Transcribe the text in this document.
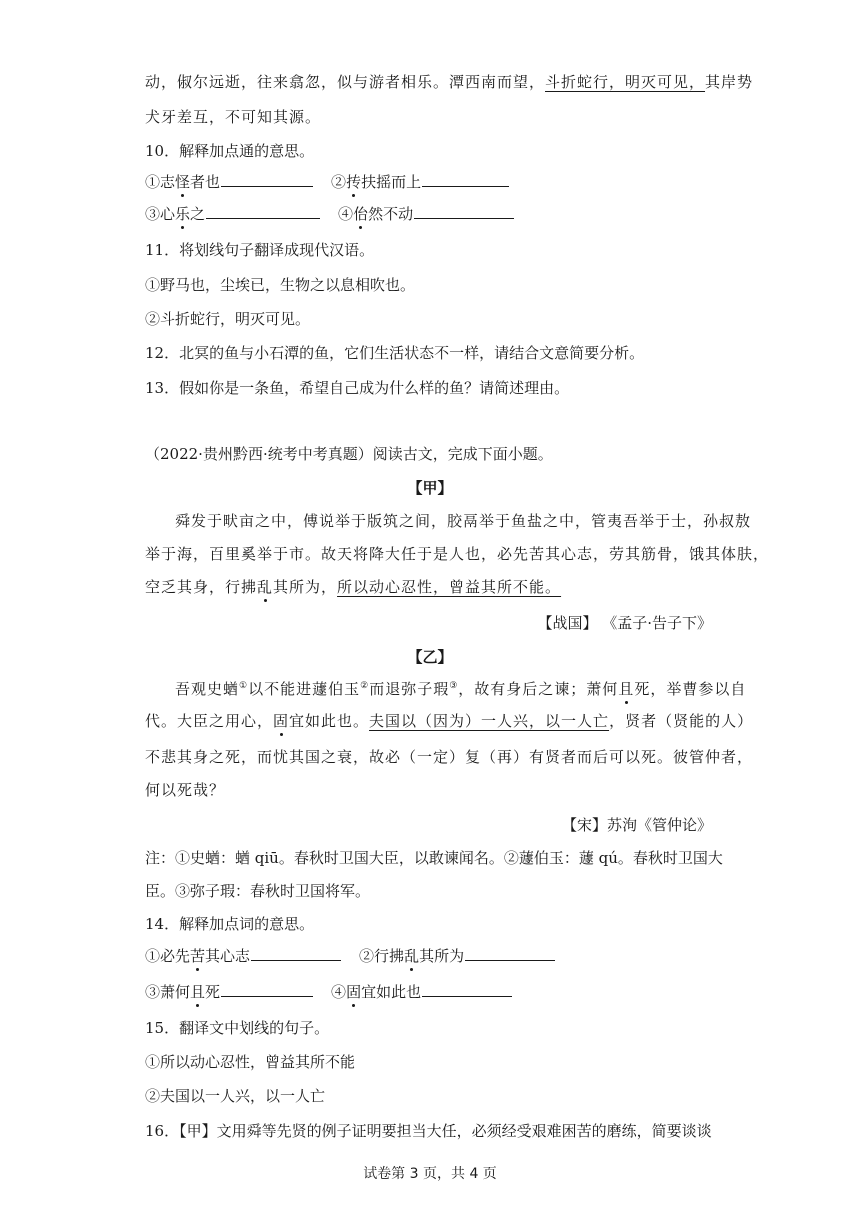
动，俶尔远逝，往来翕忽，似与游者相乐。潭西南而望，斗折蛇行，明灭可见，其岸势
犬牙差互，不可知其源。
10．解释加点通的意思。
①志怪者也	②抟扶摇而上
③心乐之	④佁然不动
11．将划线句子翻译成现代汉语。
①野马也，尘埃已，生物之以息相吹也。
②斗折蛇行，明灭可见。
12．北冥的鱼与小石潭的鱼，它们生活状态不一样，请结合文意简要分析。
13．假如你是一条鱼，希望自己成为什么样的鱼？请简述理由。
（2022·贵州黔西·统考中考真题）阅读古文，完成下面小题。
【甲】
舜发于畎亩之中，傅说举于版筑之间，胶鬲举于鱼盐之中，管夷吾举于士，孙叔敖
举于海，百里奚举于市。故天将降大任于是人也，必先苦其心志，劳其筋骨，饿其体肤，
空乏其身，行拂乱其所为，所以动心忍性，曾益其所不能。
【战国】 《孟子·告子下》
【乙】
吾观史蝤①以不能进蘧伯玉②而退弥子瑕③，故有身后之谏；萧何且死，举曹参以自
代。大臣之用心，固宜如此也。夫国以（因为）一人兴，以一人亡，贤者（贤能的人）
不悲其身之死，而忧其国之衰，故必（一定）复（再）有贤者而后可以死。彼管仲者，
何以死哉？
【宋】苏洵《管仲论》
注：①史蝤：蝤 qiū。春秋时卫国大臣，以敢谏闻名。②蘧伯玉：蘧 qú。春秋时卫国大
臣。③弥子瑕：春秋时卫国将军。
14．解释加点词的意思。
①必先苦其心志	②行拂乱其所为
③萧何且死	④固宜如此也
15．翻译文中划线的句子。
①所以动心忍性，曾益其所不能
②夫国以一人兴，以一人亡
16．【甲】文用舜等先贤的例子证明要担当大任，必须经受艰难困苦的磨练，简要谈谈
试卷第 3 页，共 4 页
